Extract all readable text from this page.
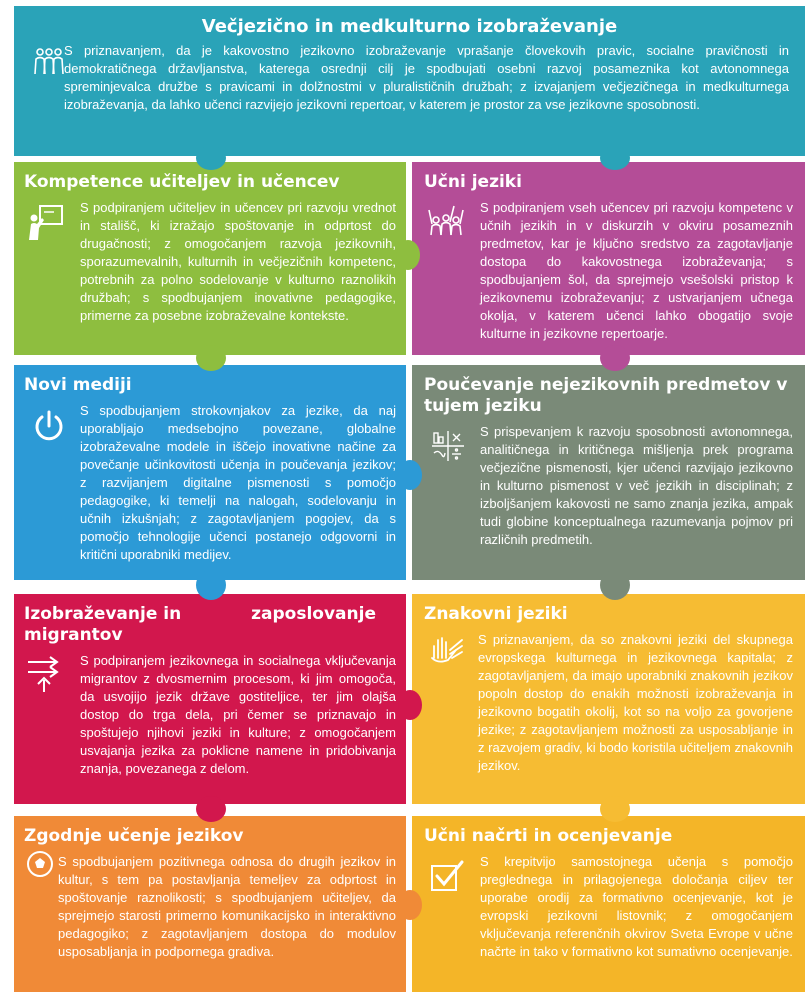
Večjezično in medkulturno izobraževanje

S priznavanjem, da je kakovostno jezikovno izobraževanje vprašanje človekovih pravic, socialne pravičnosti in demokratičnega državljanstva, katerega osrednji cilj je spodbujati osebni razvoj posameznika kot avtonomnega spreminjevalca družbe s pravicami in dolžnostmi v pluralističnih družbah; z izvajanjem večjezičnega in medkulturnega izobraževanja, da lahko učenci razvijejo jezikovni repertoar, v katerem je prostor za vse jezikovne sposobnosti.

Kompetence učiteljev in učencev

S podpiranjem učiteljev in učencev pri razvoju vrednot in stališč, ki izražajo spoštovanje in odprtost do drugačnosti; z omogočanjem razvoja jezikovnih, sporazumevalnih, kulturnih in večjezičnih kompetenc, potrebnih za polno sodelovanje v kulturno raznolikih družbah; s spodbujanjem inovativne pedagogike, primerne za posebne izobraževalne kontekste.

Učni jeziki

S podpiranjem vseh učencev pri razvoju kompetenc v učnih jezikih in v diskurzih v okviru posameznih predmetov, kar je ključno sredstvo za zagotavljanje dostopa do kakovostnega izobraževanja; s spodbujanjem šol, da sprejmejo vsešolski pristop k jezikovnemu izobraževanju; z ustvarjanjem učnega okolja, v katerem učenci lahko obogatijo svoje kulturne in jezikovne repertoarje.

Novi mediji

S spodbujanjem strokovnjakov za jezike, da naj uporabljajo medsebojno povezane, globalne izobraževalne modele in iščejo inovativne načine za povečanje učinkovitosti učenja in poučevanja jezikov; z razvijanjem digitalne pismenosti s pomočjo pedagogike, ki temelji na nalogah, sodelovanju in učnih izkušnjah; z zagotavljanjem pogojev, da s pomočjo tehnologije učenci postanejo odgovorni in kritični uporabniki medijev.

Poučevanje nejezikovnih predmetov v tujem jeziku

S prispevanjem k razvoju sposobnosti avtonomnega, analitičnega in kritičnega mišljenja prek programa večjezične pismenosti, kjer učenci razvijajo jezikovno in kulturno pismenost v več jezikih in disciplinah; z izboljšanjem kakovosti ne samo znanja jezika, ampak tudi globine konceptualnega razumevanja pojmov pri različnih predmetih.

Izobraževanje in	zaposlovanje
migrantov

S podpiranjem jezikovnega in socialnega vključevanja migrantov z dvosmernim procesom, ki jim omogoča, da usvojijo jezik države gostiteljice, ter jim olajša dostop do trga dela, pri čemer se priznavajo in spoštujejo njihovi jeziki in kulture; z omogočanjem usvajanja jezika za poklicne namene in pridobivanja znanja, povezanega z delom.

Znakovni jeziki

S priznavanjem, da so znakovni jeziki del skupnega evropskega kulturnega in jezikovnega kapitala; z zagotavljanjem, da imajo uporabniki znakovnih jezikov popoln dostop do enakih možnosti izobraževanja in jezikovno bogatih okolij, kot so na voljo za govorjene jezike; z zagotavljanjem možnosti za usposabljanje in z razvojem gradiv, ki bodo koristila učiteljem znakovnih jezikov.

Zgodnje učenje jezikov

S spodbujanjem pozitivnega odnosa do drugih jezikov in kultur, s tem pa postavljanja temeljev za odprtost in spoštovanje raznolikosti; s spodbujanjem učiteljev, da sprejmejo starosti primerno komunikacijsko in interaktivno pedagogiko; z zagotavljanjem dostopa do modulov usposabljanja in podpornega gradiva.

Učni načrti in ocenjevanje

S krepitvijo samostojnega učenja s pomočjo preglednega in prilagojenega določanja ciljev ter uporabe orodij za formativno ocenjevanje, kot je evropski jezikovni listovnik; z omogočanjem vključevanja referenčnih okvirov Sveta Evrope v učne načrte in tako v formativno kot sumativno ocenjevanje.
